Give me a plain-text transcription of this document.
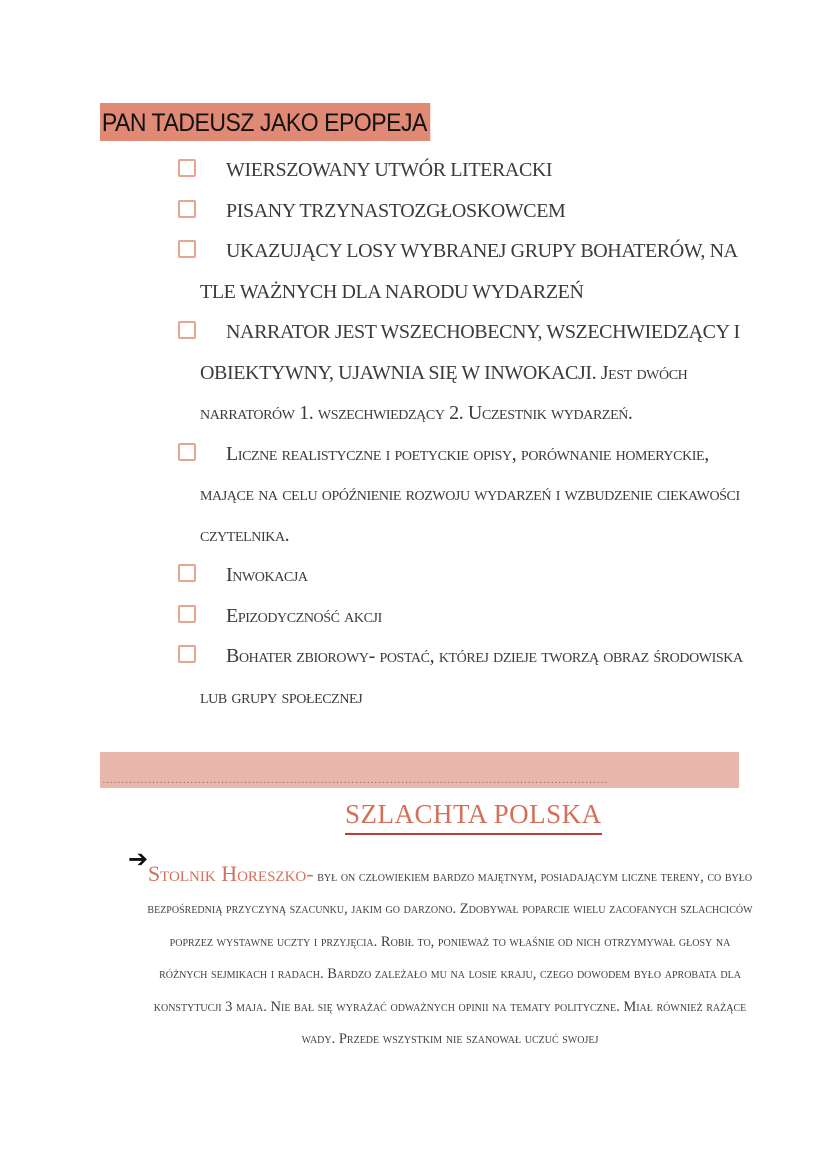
PAN TADEUSZ JAKO EPOPEJA
WIERSZOWANY UTWÓR LITERACKI
PISANY TRZYNASTOZGŁOSKOWCEM
UKAZUJĄCY LOSY WYBRANEJ GRUPY BOHATERÓW, NA TLE WAŻNYCH DLA NARODU WYDARZEŃ
NARRATOR JEST WSZECHOBECNY, WSZECHWIEDZĄCY I OBIEKTYWNY, UJAWNIA SIĘ W INWOKACJI. Jest dwóch narratorów 1. wszechwiedzący 2. Uczestnik wydarzeń.
Liczne realistyczne i poetyckie opisy, porównanie homeryckie, mające na celu opóźnienie rozwoju wydarzeń i wzbudzenie ciekawości czytelnika.
Inwokacja
Epizodyczność akcji
Bohater zbiorowy- postać, której dzieje tworzą obraz środowiska lub grupy społecznej
……………………………………………………………………………………………………………………
SZLACHTA POLSKA
➔ Stolnik Horeszko- był on człowiekiem bardzo majętnym, posiadającym liczne tereny, co było bezpośrednią przyczyną szacunku, jakim go darzono. Zdobywał poparcie wielu zacofanych szlachciców poprzez wystawne uczty i przyjęcia. Robił to, ponieważ to właśnie od nich otrzymywał głosy na różnych sejmikach i radach. Bardzo zależało mu na losie kraju, czego dowodem było aprobata dla konstytucji 3 maja. Nie bał się wyrażać odważnych opinii na tematy polityczne. Miał również rażące wady. Przede wszystkim nie szanował uczuć swojej
